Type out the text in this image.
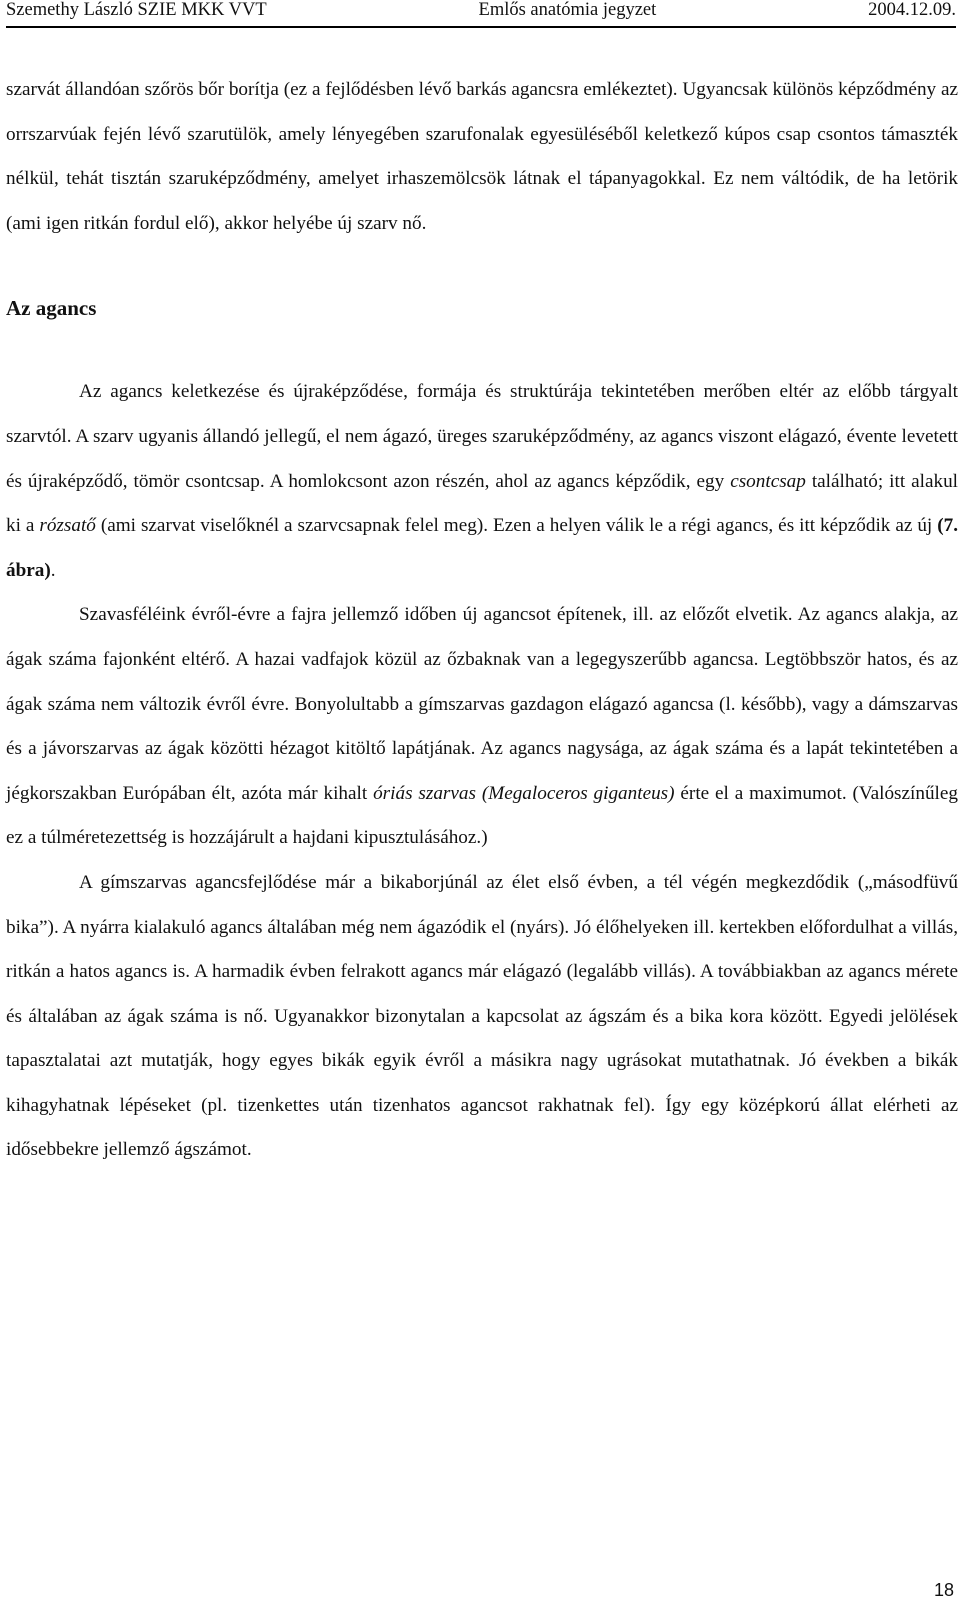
Szemethy László SZIE MKK VVT	Emlős anatómia jegyzet	2004.12.09.

szarvát állandóan szőrös bőr borítja (ez a fejlődésben lévő barkás agancsra emlékeztet). Ugyancsak különös képződmény az orrszarvúak fején lévő szarutülök, amely lényegében szarufonalak egyesüléséből keletkező kúpos csap csontos támaszték nélkül, tehát tisztán szaruképződmény, amelyet irhaszemölcsök látnak el tápanyagokkal. Ez nem váltódik, de ha letörik (ami igen ritkán fordul elő), akkor helyébe új szarv nő.

Az agancs

Az agancs keletkezése és újraképződése, formája és struktúrája tekintetében merőben eltér az előbb tárgyalt szarvtól. A szarv ugyanis állandó jellegű, el nem ágazó, üreges szaruképződmény, az agancs viszont elágazó, évente levetett és újraképződő, tömör csontcsap. A homlokcsont azon részén, ahol az agancs képződik, egy csontcsap található; itt alakul ki a rózsatő (ami szarvat viselőknél a szarvcsapnak felel meg). Ezen a helyen válik le a régi agancs, és itt képződik az új (7. ábra).

Szavasféléink évről-évre a fajra jellemző időben új agancsot építenek, ill. az előzőt elvetik. Az agancs alakja, az ágak száma fajonként eltérő. A hazai vadfajok közül az őzbaknak van a legegyszerűbb agancsa. Legtöbbször hatos, és az ágak száma nem változik évről évre. Bonyolultabb a gímszarvas gazdagon elágazó agancsa (l. később), vagy a dámszarvas és a jávorszarvas az ágak közötti hézagot kitöltő lapátjának. Az agancs nagysága, az ágak száma és a lapát tekintetében a jégkorszakban Európában élt, azóta már kihalt óriás szarvas (Megaloceros giganteus) érte el a maximumot. (Valószínűleg ez a túlméretezettség is hozzájárult a hajdani kipusztulásához.)

A gímszarvas agancsfejlődése már a bikaborjúnál az élet első évben, a tél végén megkezdődik („másodfüvű bika”). A nyárra kialakuló agancs általában még nem ágazódik el (nyárs). Jó élőhelyeken ill. kertekben előfordulhat a villás, ritkán a hatos agancs is. A harmadik évben felrakott agancs már elágazó (legalább villás). A továbbiakban az agancs mérete és általában az ágak száma is nő. Ugyanakkor bizonytalan a kapcsolat az ágszám és a bika kora között. Egyedi jelölések tapasztalatai azt mutatják, hogy egyes bikák egyik évről a másikra nagy ugrásokat mutathatnak. Jó években a bikák kihagyhatnak lépéseket (pl. tizenkettes után tizenhatos agancsot rakhatnak fel). Így egy középkorú állat elérheti az idősebbekre jellemző ágszámot.

18
